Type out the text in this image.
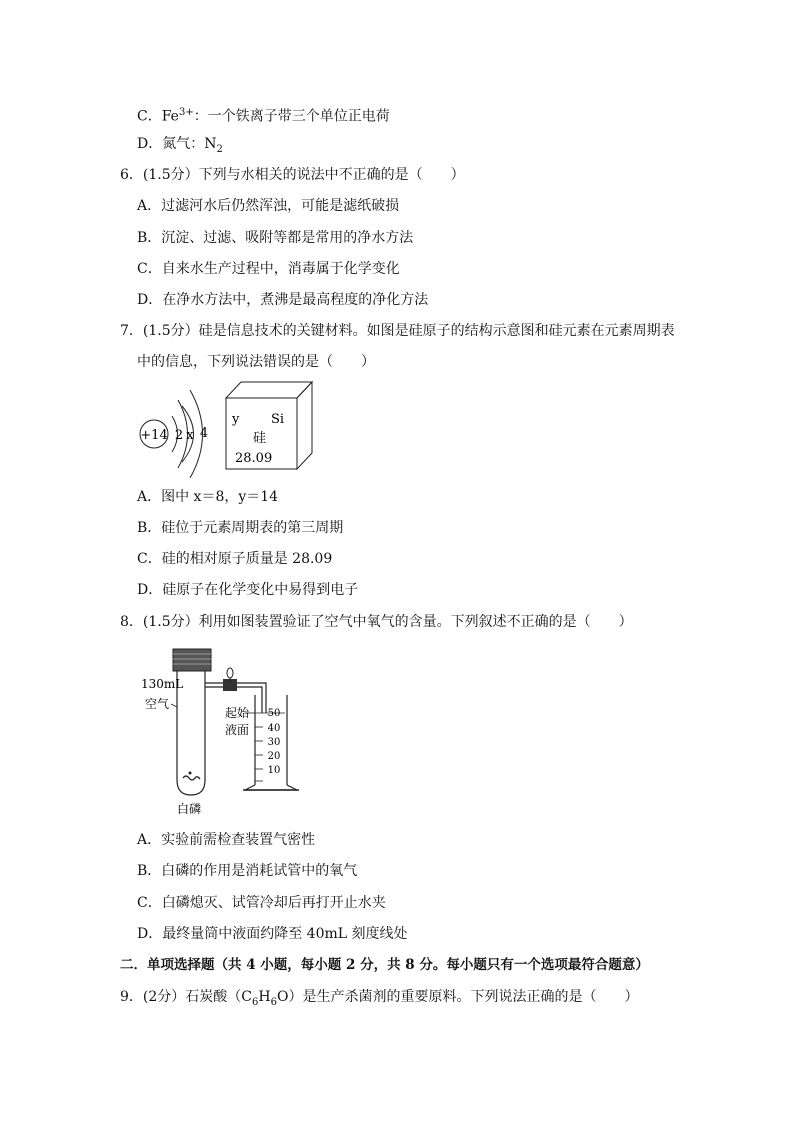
C．$Fe^{3+}$：一个铁离子带三个单位正电荷
D．氮气：$N_2$
6．(1.5分）下列与水相关的说法中不正确的是（　　）
A．过滤河水后仍然浑浊，可能是滤纸破损
B．沉淀、过滤、吸附等都是常用的净水方法
C．自来水生产过程中，消毒属于化学变化
D．在净水方法中，煮沸是最高程度的净化方法
7．(1.5分）硅是信息技术的关键材料。如图是硅原子的结构示意图和硅元素在元素周期表
中的信息，下列说法错误的是（　　）
+14 2 x 4
y Si
硅
28.09
A．图中 x＝8，y＝14
B．硅位于元素周期表的第三周期
C．硅的相对原子质量是 28.09
D．硅原子在化学变化中易得到电子
8．(1.5分）利用如图装置验证了空气中氧气的含量。下列叙述不正确的是（　　）
50
40
30
20
10
130mL
空气
起始
液面
白磷
A．实验前需检查装置气密性
B．白磷的作用是消耗试管中的氧气
C．白磷熄灭、试管冷却后再打开止水夹
D．最终量筒中液面约降至 40mL 刻度线处
二．单项选择题（共 4 小题，每小题 2 分，共 8 分。每小题只有一个选项最符合题意）
9．(2分）石炭酸$(C_6H_6O)$是生产杀菌剂的重要原料。下列说法正确的是（　　）
